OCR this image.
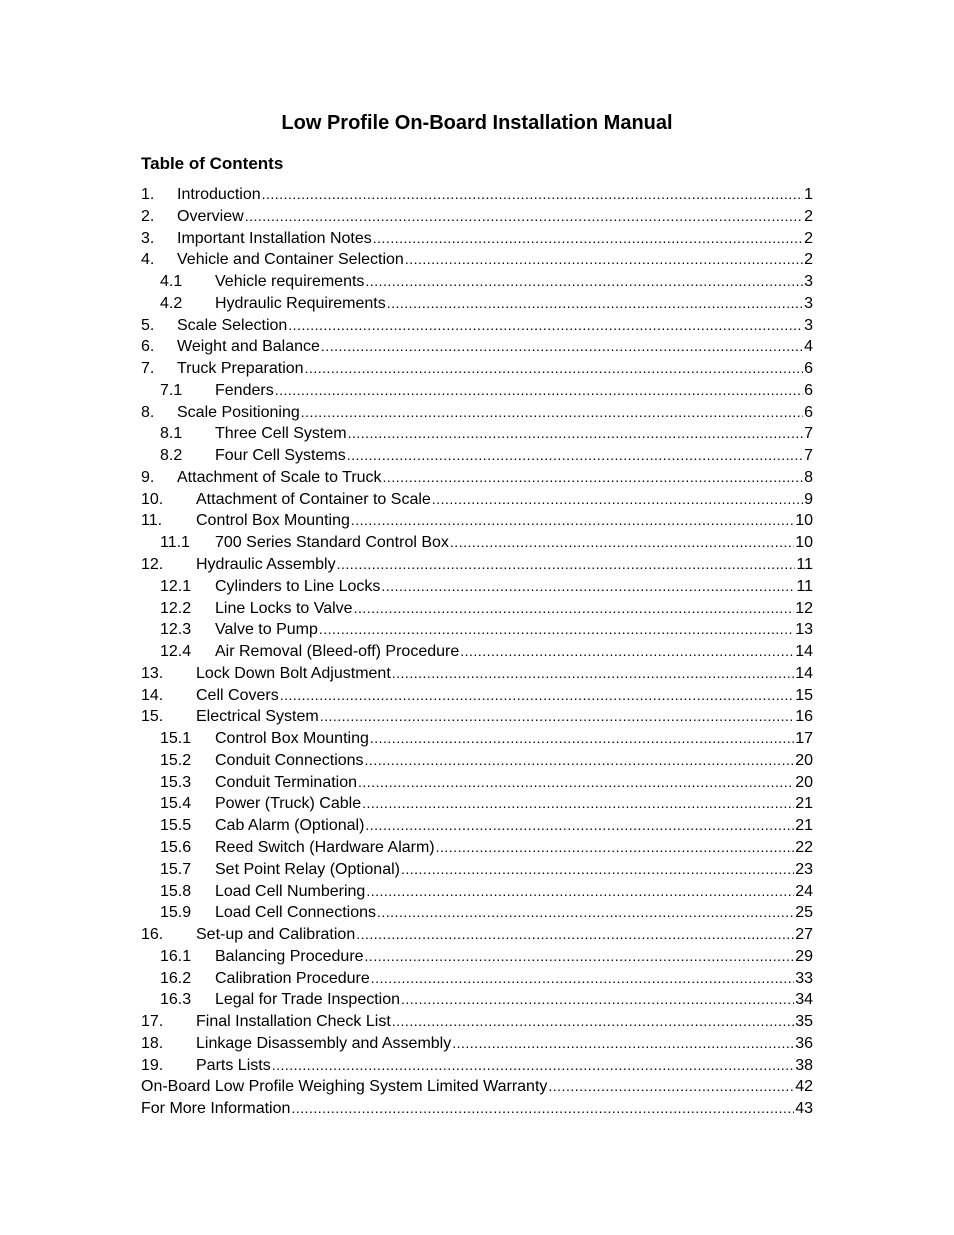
Low Profile On-Board Installation Manual
Table of Contents
1.	Introduction .....	1
2.	Overview .....	2
3.	Important Installation Notes .....	2
4.	Vehicle and Container Selection .....	2
4.1	Vehicle requirements .....	3
4.2	Hydraulic Requirements .....	3
5.	Scale Selection .....	3
6.	Weight and Balance .....	4
7.	Truck Preparation .....	6
7.1	Fenders .....	6
8.	Scale Positioning .....	6
8.1	Three Cell System .....	7
8.2	Four Cell Systems .....	7
9.	Attachment of Scale to Truck .....	8
10.	Attachment of Container to Scale .....	9
11.	Control Box Mounting .....	10
11.1	700 Series Standard Control Box .....	10
12.	Hydraulic Assembly .....	11
12.1	Cylinders to Line Locks .....	11
12.2	Line Locks to Valve .....	12
12.3	Valve to Pump .....	13
12.4	Air Removal (Bleed-off) Procedure .....	14
13.	Lock Down Bolt Adjustment .....	14
14.	Cell Covers .....	15
15.	Electrical System .....	16
15.1	Control Box Mounting .....	17
15.2	Conduit Connections .....	20
15.3	Conduit Termination .....	20
15.4	Power (Truck) Cable .....	21
15.5	Cab Alarm (Optional) .....	21
15.6	Reed Switch (Hardware Alarm) .....	22
15.7	Set Point Relay (Optional) .....	23
15.8	Load Cell Numbering .....	24
15.9	Load Cell Connections .....	25
16.	Set-up and Calibration .....	27
16.1	Balancing Procedure .....	29
16.2	Calibration Procedure .....	33
16.3	Legal for Trade Inspection .....	34
17.	Final Installation Check List .....	35
18.	Linkage Disassembly and Assembly .....	36
19.	Parts Lists .....	38
On-Board Low Profile Weighing System Limited Warranty .....	42
For More Information .....	43
